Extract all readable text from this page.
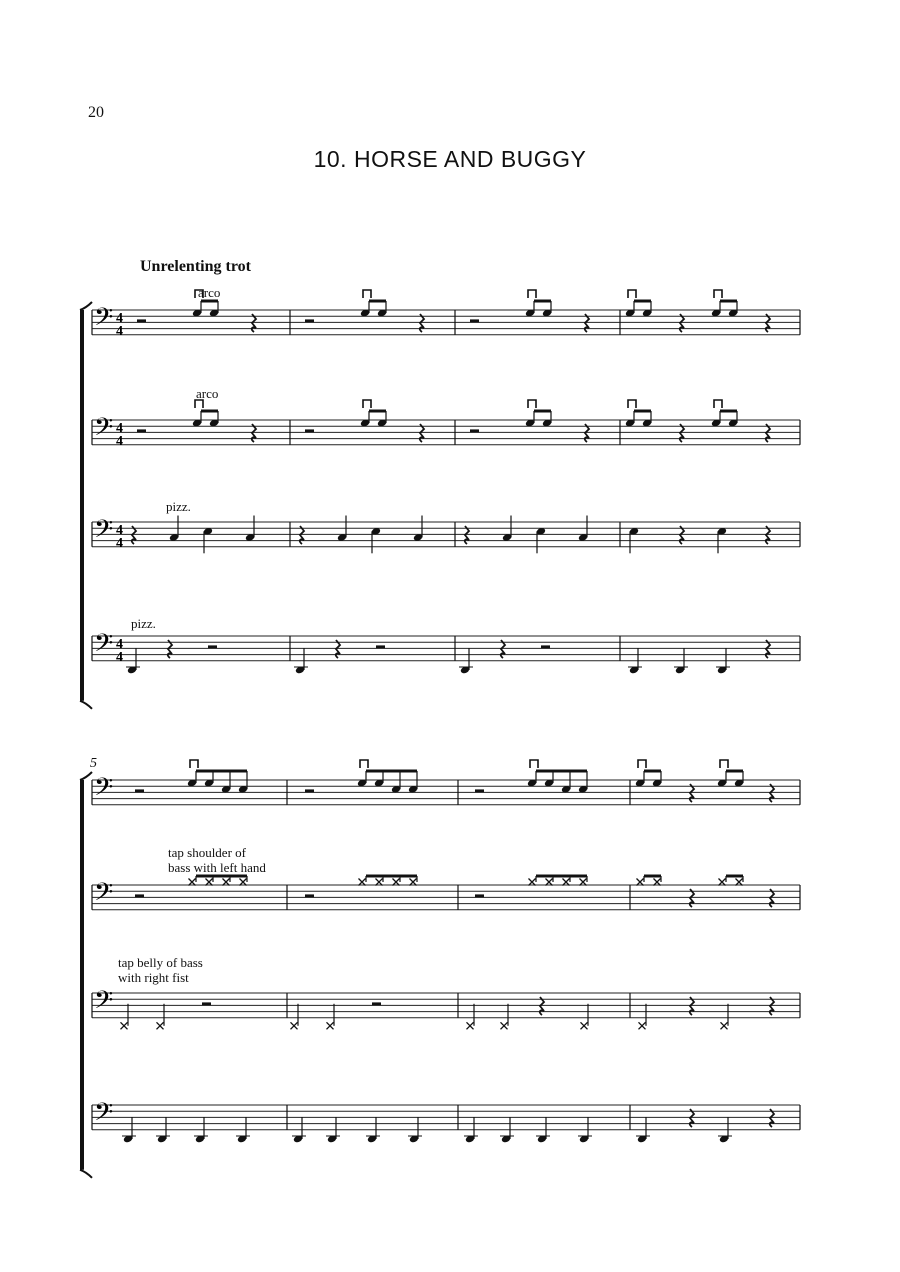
20
10. HORSE AND BUGGY
Unrelenting trot
arco
arco
pizz.
pizz.
5
tap shoulder of
bass with left hand
tap belly of bass
with right fist
𝄢 4
4
𝄢 4
4
𝄢 4
4
𝄢 4
4
𝄢
𝄢
𝄢
𝄢
